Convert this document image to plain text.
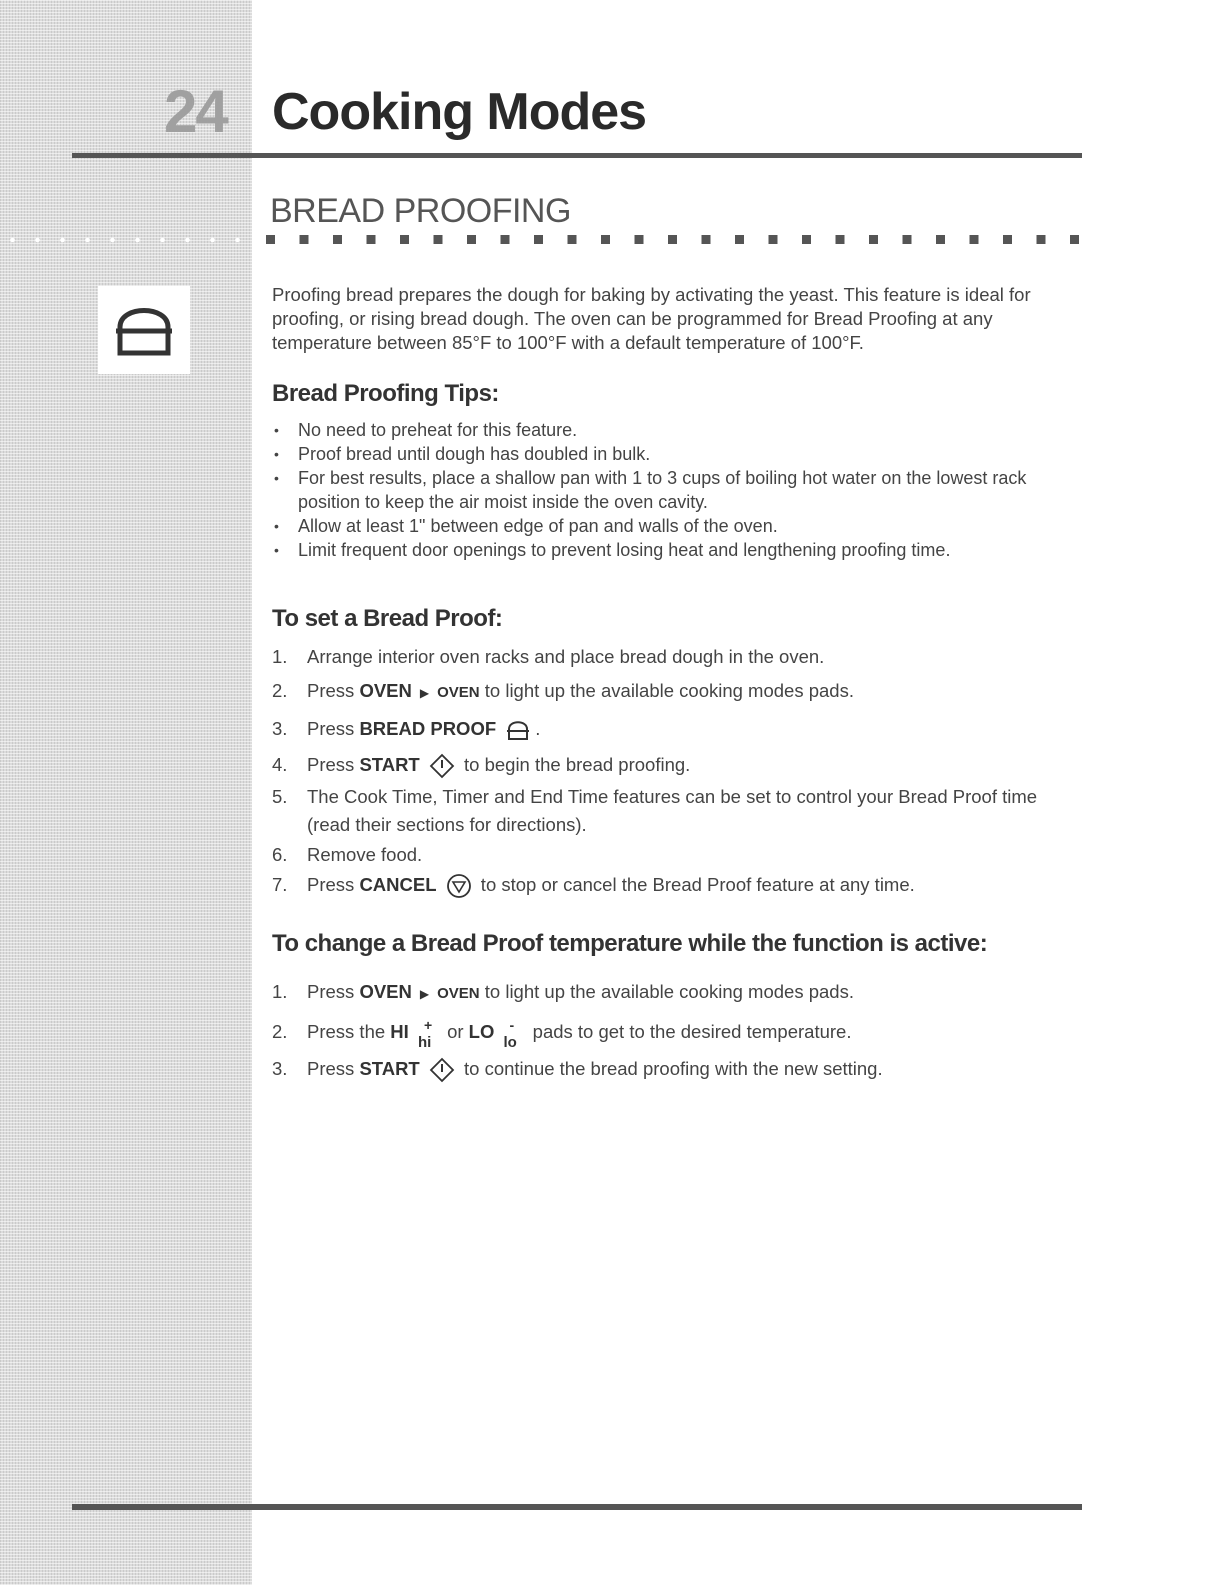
24 Cooking Modes
BREAD PROOFING

Proofing bread prepares the dough for baking by activating the yeast. This feature is ideal for proofing, or rising bread dough. The oven can be programmed for Bread Proofing at any temperature between 85°F to 100°F with a default temperature of 100°F.

Bread Proofing Tips:
• No need to preheat for this feature.
• Proof bread until dough has doubled in bulk.
• For best results, place a shallow pan with 1 to 3 cups of boiling hot water on the lowest rack position to keep the air moist inside the oven cavity.
• Allow at least 1" between edge of pan and walls of the oven.
• Limit frequent door openings to prevent losing heat and lengthening proofing time.
To set a Bread Proof:
1. Arrange interior oven racks and place bread dough in the oven.
2. Press OVEN ▶ OVEN to light up the available cooking modes pads.
3. Press BREAD PROOF .
4. Press START  to begin the bread proofing.
5. The Cook Time, Timer and End Time features can be set to control your Bread Proof time (read their sections for directions).
6. Remove food.
7. Press CANCEL  to stop or cancel the Bread Proof feature at any time.
To change a Bread Proof temperature while the function is active:
1. Press OVEN ▶ OVEN to light up the available cooking modes pads.
2. Press the HI +
hi
or LO -
lo
pads to get to the desired temperature.
3. Press START  to continue the bread proofing with the new setting.
